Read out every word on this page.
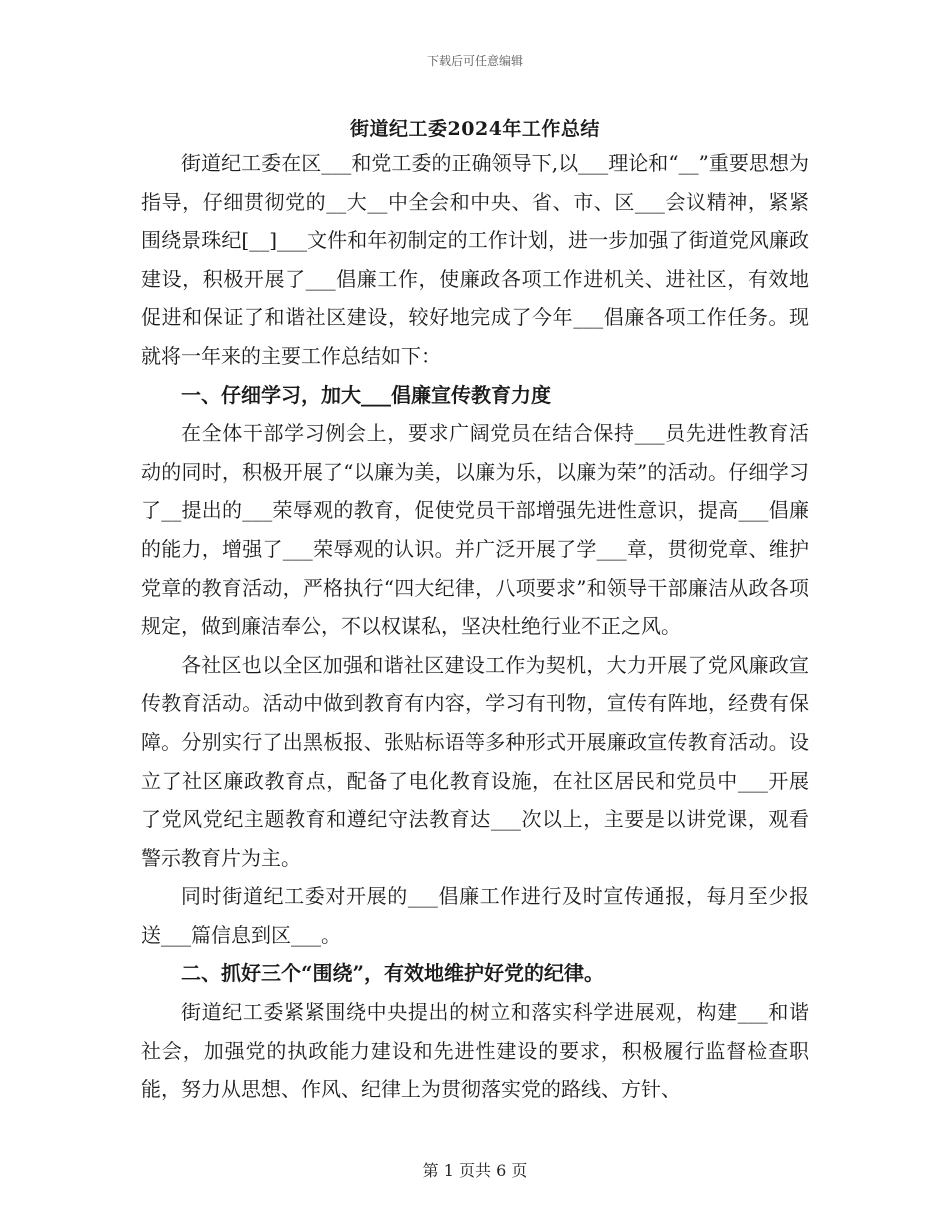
下载后可任意编辑
街道纪工委2024年工作总结

街道纪工委在区___和党工委的正确领导下,以___理论和“__”重要思想为指导，仔细贯彻党的__大__中全会和中央、省、市、区___会议精神，紧紧围绕景珠纪[__]___文件和年初制定的工作计划，进一步加强了街道党风廉政建设，积极开展了___倡廉工作，使廉政各项工作进机关、进社区，有效地促进和保证了和谐社区建设，较好地完成了今年___倡廉各项工作任务。现就将一年来的主要工作总结如下：

一、仔细学习，加大___倡廉宣传教育力度

在全体干部学习例会上，要求广阔党员在结合保持___员先进性教育活动的同时，积极开展了“以廉为美，以廉为乐，以廉为荣”的活动。仔细学习了__提出的___荣辱观的教育，促使党员干部增强先进性意识，提高___倡廉的能力，增强了___荣辱观的认识。并广泛开展了学___章，贯彻党章、维护党章的教育活动，严格执行“四大纪律，八项要求”和领导干部廉洁从政各项规定，做到廉洁奉公，不以权谋私，坚决杜绝行业不正之风。

各社区也以全区加强和谐社区建设工作为契机，大力开展了党风廉政宣传教育活动。活动中做到教育有内容，学习有刊物，宣传有阵地，经费有保障。分别实行了出黑板报、张贴标语等多种形式开展廉政宣传教育活动。设立了社区廉政教育点，配备了电化教育设施，在社区居民和党员中___开展了党风党纪主题教育和遵纪守法教育达___次以上，主要是以讲党课，观看警示教育片为主。

同时街道纪工委对开展的___倡廉工作进行及时宣传通报，每月至少报送___篇信息到区___。

二、抓好三个“围绕”，有效地维护好党的纪律。

街道纪工委紧紧围绕中央提出的树立和落实科学进展观，构建___和谐社会，加强党的执政能力建设和先进性建设的要求，积极履行监督检查职能，努力从思想、作风、纪律上为贯彻落实党的路线、方针、

第 1 页共 6 页
